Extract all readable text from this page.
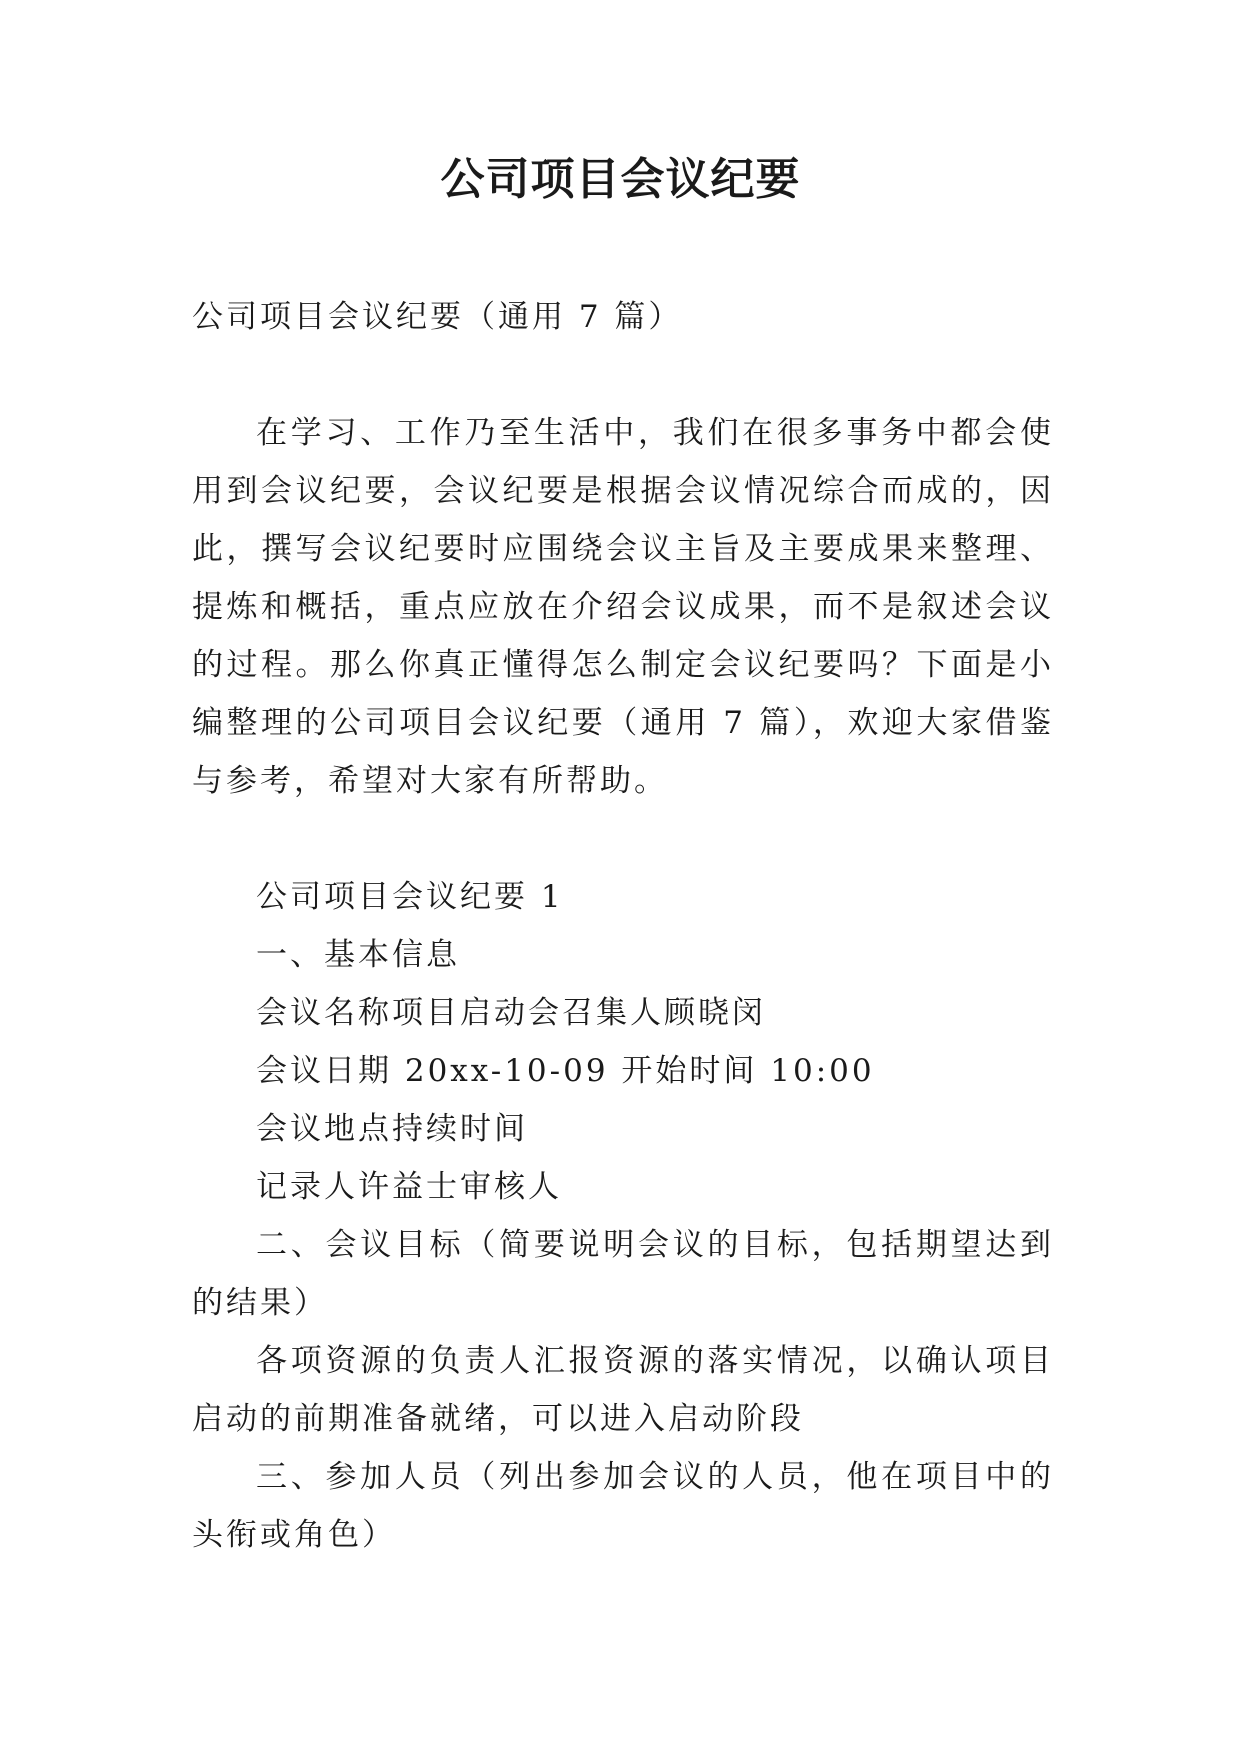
公司项目会议纪要

公司项目会议纪要（通用 7 篇）

在学习、工作乃至生活中，我们在很多事务中都会使用到会议纪要，会议纪要是根据会议情况综合而成的，因此，撰写会议纪要时应围绕会议主旨及主要成果来整理、提炼和概括，重点应放在介绍会议成果，而不是叙述会议的过程。那么你真正懂得怎么制定会议纪要吗？下面是小编整理的公司项目会议纪要（通用 7 篇），欢迎大家借鉴与参考，希望对大家有所帮助。

公司项目会议纪要 1

一、基本信息

会议名称项目启动会召集人顾晓闵

会议日期 20xx-10-09 开始时间 10:00

会议地点持续时间

记录人许益士审核人

二、会议目标（简要说明会议的目标，包括期望达到的结果）

各项资源的负责人汇报资源的落实情况，以确认项目启动的前期准备就绪，可以进入启动阶段

三、参加人员（列出参加会议的人员，他在项目中的头衔或角色）
